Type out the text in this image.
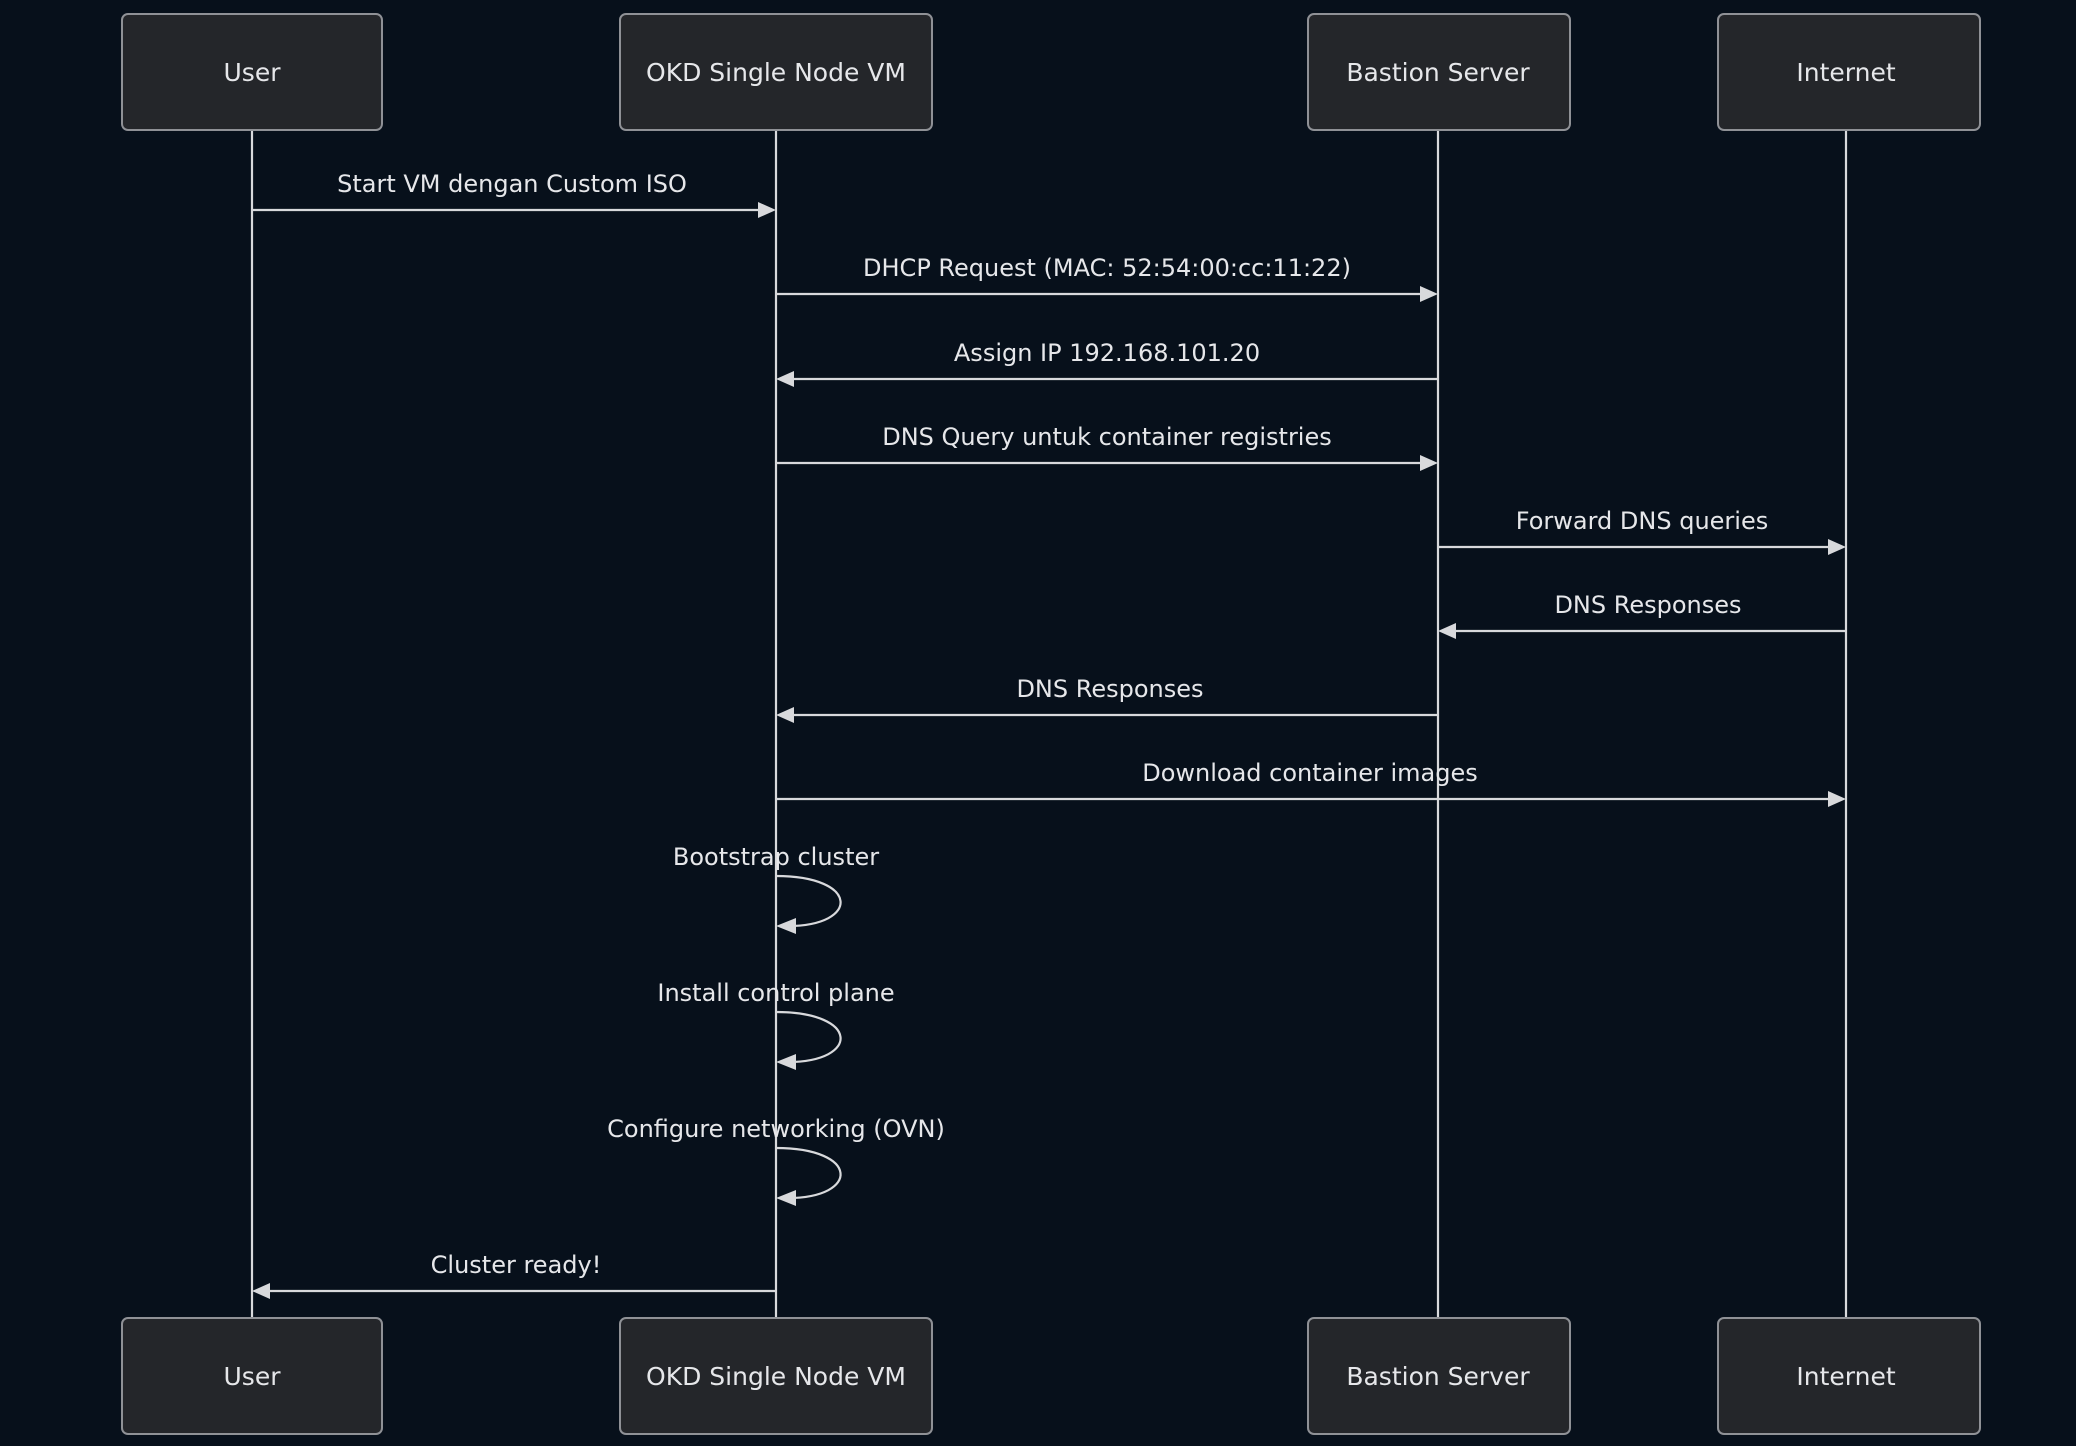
User	OKD Single Node VM	Bastion Server	Internet
Start VM dengan Custom ISO
DHCP Request (MAC: 52:54:00:cc:11:22)
Assign IP 192.168.101.20
DNS Query untuk container registries
Forward DNS queries
DNS Responses
DNS Responses
Download container images
Bootstrap cluster
Install control plane
Configure networking (OVN)
Cluster ready!
User	OKD Single Node VM	Bastion Server	Internet
